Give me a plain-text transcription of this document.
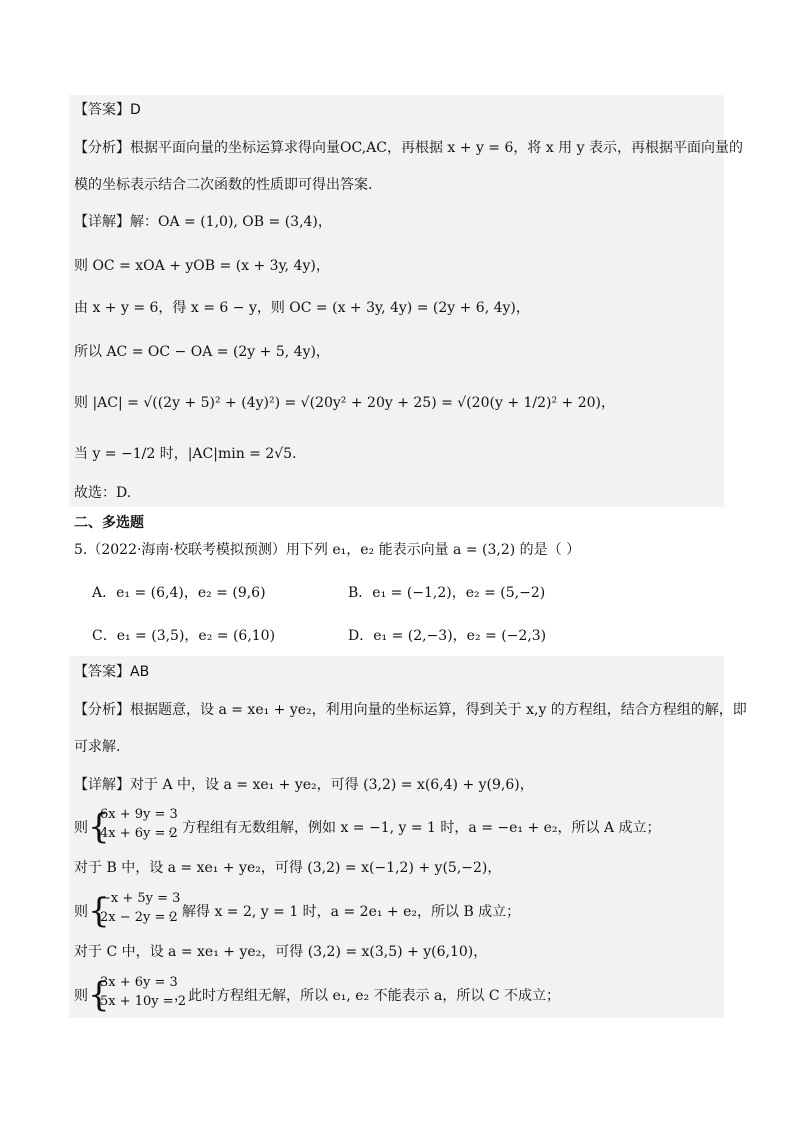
【答案】D
【分析】根据平面向量的坐标运算求得向量OC,AC，再根据 x + y = 6，将 x 用 y 表示，再根据平面向量的
模的坐标表示结合二次函数的性质即可得出答案.
【详解】解：OA = (1,0), OB = (3,4)，
则 OC = xOA + yOB = (x + 3y, 4y)，
由 x + y = 6，得 x = 6 − y，则 OC = (x + 3y, 4y) = (2y + 6, 4y)，
所以 AC = OC − OA = (2y + 5, 4y)，
则 |AC| = √((2y + 5)² + (4y)²) = √(20y² + 20y + 25) = √(20(y + 1/2)² + 20)，
当 y = −1/2 时，|AC|min = 2√5.
故选：D.
二、多选题
5.（2022·海南·校联考模拟预测）用下列 e₁，e₂ 能表示向量 a = (3,2) 的是（ ）
A．e₁ = (6,4)，e₂ = (9,6)	B．e₁ = (−1,2)，e₂ = (5,−2)
C．e₁ = (3,5)，e₂ = (6,10)	D．e₁ = (2,−3)，e₂ = (−2,3)
【答案】AB
【分析】根据题意，设 a = xe₁ + ye₂，利用向量的坐标运算，得到关于 x,y 的方程组，结合方程组的解，即
可求解.
【详解】对于 A 中，设 a = xe₁ + ye₂，可得 (3,2) = x(6,4) + y(9,6)，
则 {
6x + 9y = 3
4x + 6y = 2
，方程组有无数组解，例如 x = −1, y = 1 时，a = −e₁ + e₂，所以 A 成立；
对于 B 中，设 a = xe₁ + ye₂，可得 (3,2) = x(−1,2) + y(5,−2)，
则 {
−x + 5y = 3
2x − 2y = 2
，解得 x = 2, y = 1 时，a = 2e₁ + e₂，所以 B 成立；
对于 C 中，设 a = xe₁ + ye₂，可得 (3,2) = x(3,5) + y(6,10)，
则 {
3x + 6y = 3
5x + 10y = 2
，此时方程组无解，所以 e₁, e₂ 不能表示 a，所以 C 不成立；
